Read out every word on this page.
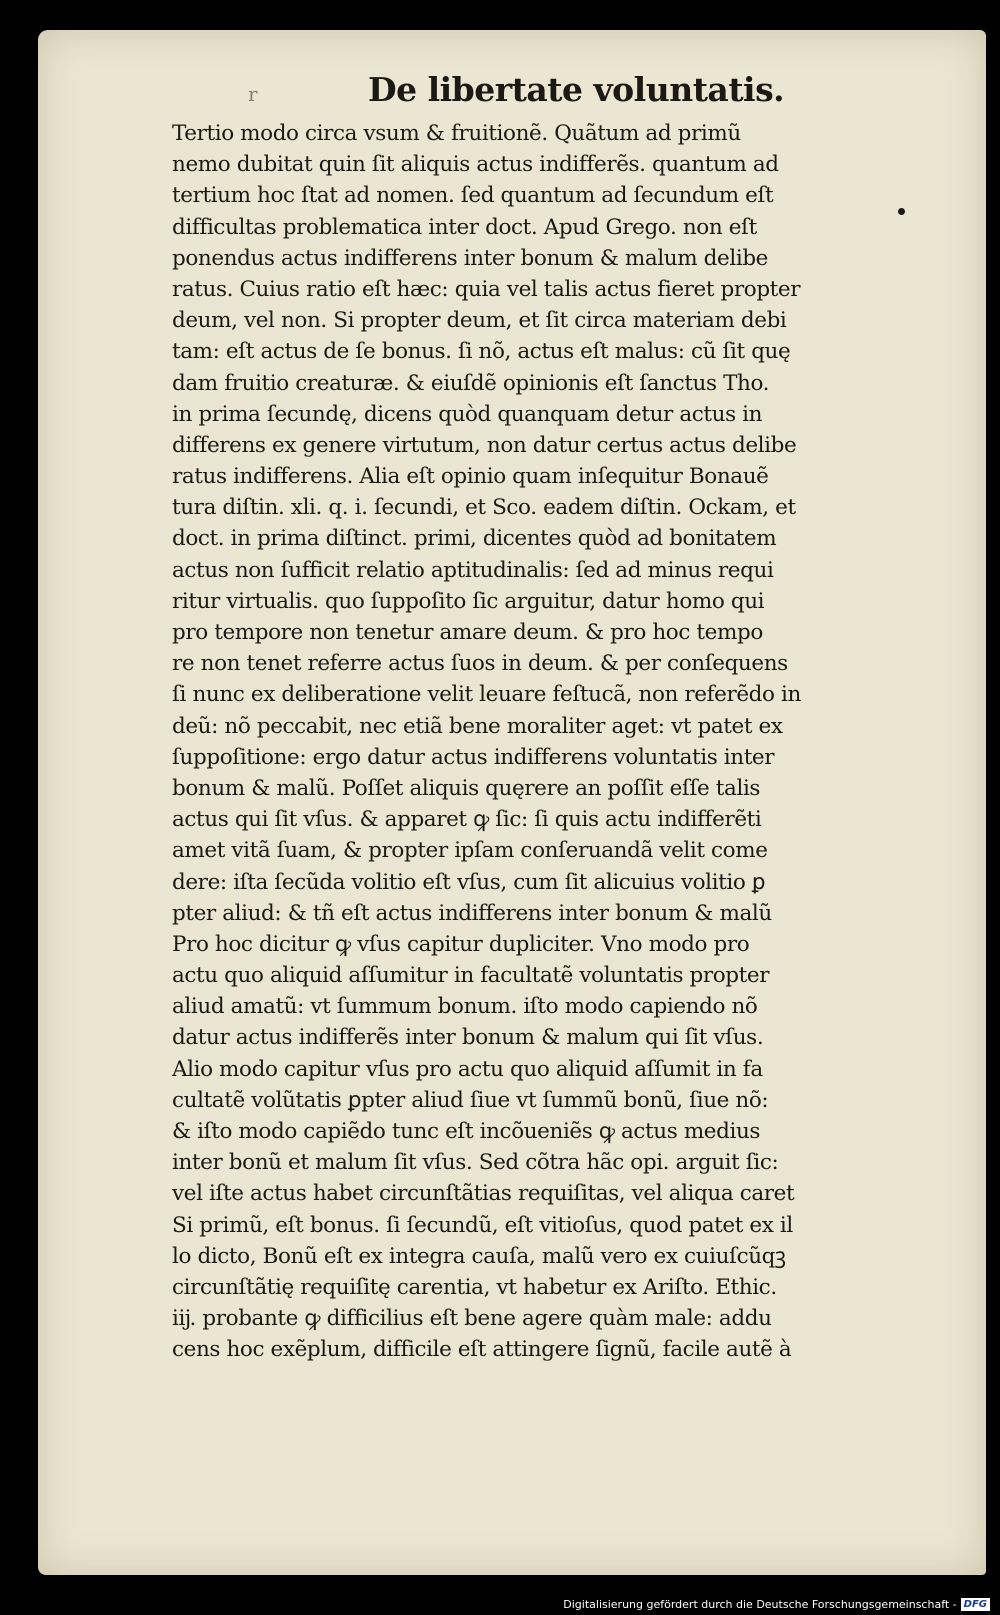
r	De libertate voluntatis.
Tertio modo circa vsum & fruitionẽ. Quãtum ad primũ
nemo dubitat quin ſit aliquis actus indifferẽs. quantum ad
tertium hoc ſtat ad nomen. ſed quantum ad ſecundum eſt
difficultas problematica inter doct. Apud Grego. non eſt
ponendus actus indifferens inter bonum & malum delibe
ratus. Cuius ratio eſt hæc: quia vel talis actus fieret propter
deum, vel non. Si propter deum, et ſit circa materiam debi
tam: eſt actus de ſe bonus. ſi nõ, actus eſt malus: cũ ſit quę
dam fruitio creaturæ. & eiuſdẽ opinionis eſt ſanctus Tho.
in prima ſecundę, dicens quòd quanquam detur actus in
differens ex genere virtutum, non datur certus actus delibe
ratus indifferens. Alia eſt opinio quam inſequitur Bonauẽ
tura diſtin. xli. q. i. ſecundi, et Sco. eadem diſtin. Ockam, et
doct. in prima diſtinct. primi, dicentes quòd ad bonitatem
actus non ſufficit relatio aptitudinalis: ſed ad minus requi
ritur virtualis. quo ſuppoſito ſic arguitur, datur homo qui
pro tempore non tenetur amare deum. & pro hoc tempo
re non tenet referre actus ſuos in deum. & per conſequens
ſi nunc ex deliberatione velit leuare feſtucã, non referẽdo in
deũ: nõ peccabit, nec etiã bene moraliter aget: vt patet ex
ſuppoſitione: ergo datur actus indifferens voluntatis inter
bonum & malũ. Poſſet aliquis quęrere an poſſit eſſe talis
actus qui ſit vſus. & apparet ꝙ ſic: ſi quis actu indifferẽti
amet vitã ſuam, & propter ipſam conſeruandã velit come
dere: iſta ſecũda volitio eſt vſus, cum ſit alicuius volitio ꝑ
pter aliud: & tñ eſt actus indifferens inter bonum & malũ
Pro hoc dicitur ꝙ vſus capitur dupliciter. Vno modo pro
actu quo aliquid aſſumitur in facultatẽ voluntatis propter
aliud amatũ: vt ſummum bonum. iſto modo capiendo nõ
datur actus indifferẽs inter bonum & malum qui ſit vſus.
Alio modo capitur vſus pro actu quo aliquid aſſumit in fa
cultatẽ volũtatis ꝑpter aliud ſiue vt ſummũ bonũ, ſiue nõ:
& iſto modo capiẽdo tunc eſt incõueniẽs ꝙ actus medius
inter bonũ et malum ſit vſus. Sed cõtra hãc opi. arguit ſic:
vel iſte actus habet circunſtãtias requiſitas, vel aliqua caret
Si primũ, eſt bonus. ſi ſecundũ, eſt vitioſus, quod patet ex il
lo dicto, Bonũ eſt ex integra cauſa, malũ vero ex cuiuſcũqꝫ
circunſtãtię requiſitę carentia, vt habetur ex Ariſto. Ethic.
iĳ. probante ꝙ difficilius eſt bene agere quàm male: addu
cens hoc exẽplum, difficile eſt attingere ſignũ, facile autẽ à
Digitalisierung gefördert durch die Deutsche Forschungsgemeinschaft - DFG
